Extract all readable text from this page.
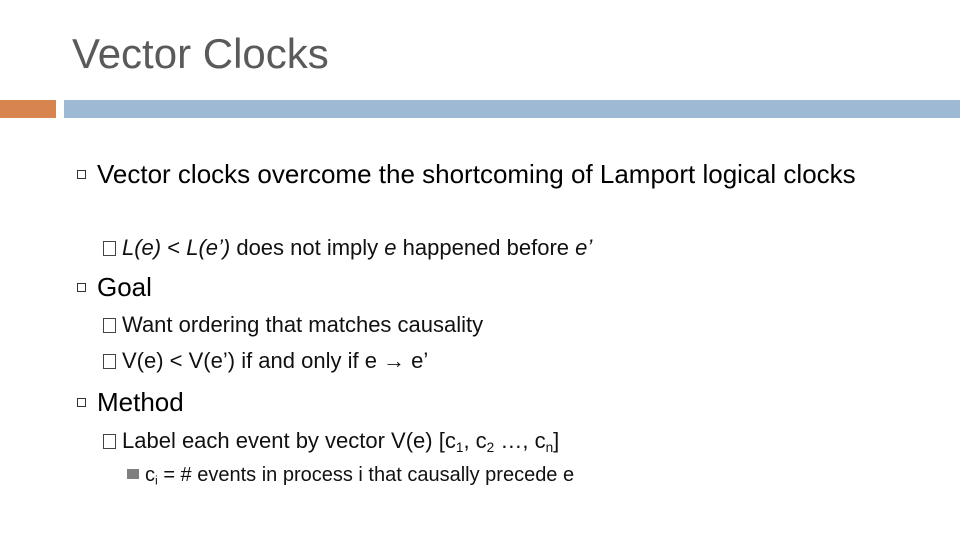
Vector Clocks
Vector clocks overcome the shortcoming of Lamport logical clocks
L(e) < L(e’) does not imply e happened before e’
Goal
Want ordering that matches causality
V(e) < V(e’) if and only if e → e’
Method
Label each event by vector V(e) [$c_1$, $c_2$ …, $c_n$]
$c_i$ = # events in process i that causally precede e
